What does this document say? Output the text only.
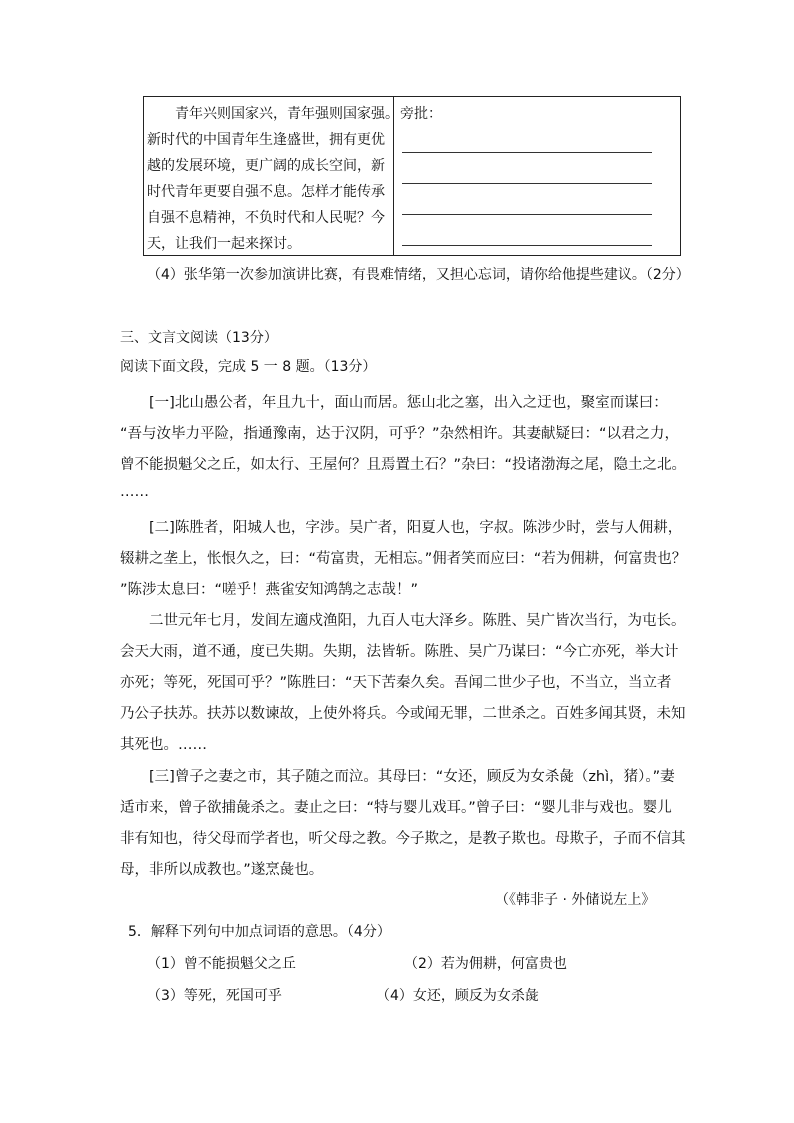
　　青年兴则国家兴，青年强则国家强。
新时代的中国青年生逢盛世，拥有更优
越的发展环境，更广阔的成长空间，新
时代青年更要自强不息。怎样才能传承
自强不息精神，不负时代和人民呢？今
天，让我们一起来探讨。
旁批：
（4）张华第一次参加演讲比赛，有畏难情绪，又担心忘词，请你给他提些建议。（2分）
三、文言文阅读（13分）
阅读下面文段，完成 5 一 8 题。（13分）
　　[一]北山愚公者，年且九十，面山而居。惩山北之塞，出入之迂也，聚室而谋曰：
“吾与汝毕力平险，指通豫南，达于汉阴，可乎？”杂然相许。其妻献疑曰：“以君之力，
曾不能损魁父之丘，如太行、王屋何？且焉置土石？”杂曰：“投诸渤海之尾，隐土之北。
……
　　[二]陈胜者，阳城人也，字涉。吴广者，阳夏人也，字叔。陈涉少时，尝与人佣耕，
辍耕之垄上，怅恨久之，曰：“苟富贵，无相忘。”佣者笑而应曰：“若为佣耕，何富贵也？
”陈涉太息曰：“嗟乎！燕雀安知鸿鹄之志哉！”
　　二世元年七月，发闾左適戍渔阳，九百人屯大泽乡。陈胜、吴广皆次当行，为屯长。
会天大雨，道不通，度已失期。失期，法皆斩。陈胜、吴广乃谋曰：“今亡亦死，举大计
亦死；等死，死国可乎？”陈胜曰：“天下苦秦久矣。吾闻二世少子也，不当立，当立者
乃公子扶苏。扶苏以数谏故，上使外将兵。今或闻无罪，二世杀之。百姓多闻其贤，未知
其死也。……
　　[三]曾子之妻之市，其子随之而泣。其母曰：“女还，顾反为女杀彘（zhì，猪）。”妻
适市来，曾子欲捕彘杀之。妻止之曰：“特与婴儿戏耳。”曾子曰：“婴儿非与戏也。婴儿
非有知也，待父母而学者也，听父母之教。今子欺之，是教子欺也。母欺子，子而不信其
母，非所以成教也。”遂烹彘也。
（《韩非子 · 外储说左上》
5．解释下列句中加点词语的意思。（4分）
（1）曾不能损魁父之丘	（2）若为佣耕，何富贵也
（3）等死，死国可乎	（4）女还，顾反为女杀彘
